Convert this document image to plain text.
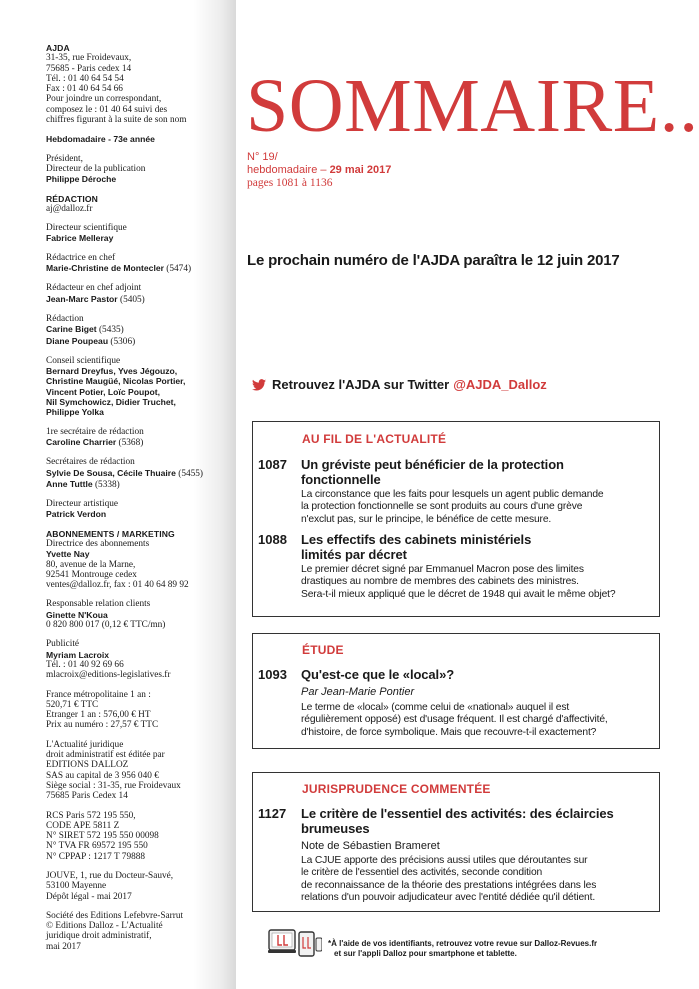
AJDA
31-35, rue Froidevaux,
75685 - Paris cedex 14
Tél. : 01 40 64 54 54
Fax : 01 40 64 54 66
Pour joindre un correspondant,
composez le : 01 40 64 suivi des
chiffres figurant à la suite de son nom
Hebdomadaire - 73e année
Président,
Directeur de la publication
Philippe Déroche
RÉDACTION
aj@dalloz.fr
Directeur scientifique
Fabrice Melleray
Rédactrice en chef
Marie-Christine de Montecler (5474)
Rédacteur en chef adjoint
Jean-Marc Pastor (5405)
Rédaction
Carine Biget (5435)
Diane Poupeau (5306)
Conseil scientifique
Bernard Dreyfus, Yves Jégouzo,
Christine Maugüé, Nicolas Portier,
Vincent Potier, Loïc Poupot,
Nil Symchowicz, Didier Truchet,
Philippe Yolka
1re secrétaire de rédaction
Caroline Charrier (5368)
Secrétaires de rédaction
Sylvie De Sousa, Cécile Thuaire (5455)
Anne Tuttle (5338)
Directeur artistique
Patrick Verdon
ABONNEMENTS / MARKETING
Directrice des abonnements
Yvette Nay
80, avenue de la Marne,
92541 Montrouge cedex
ventes@dalloz.fr, fax : 01 40 64 89 92
Responsable relation clients
Ginette N'Koua
0 820 800 017 (0,12 € TTC/mn)
Publicité
Myriam Lacroix
Tél. : 01 40 92 69 66
mlacroix@editions-legislatives.fr
France métropolitaine 1 an :
520,71 € TTC
Etranger 1 an : 576,00 € HT
Prix au numéro : 27,57 € TTC
L'Actualité juridique
droit administratif est éditée par
EDITIONS DALLOZ
SAS au capital de 3 956 040 €
Siège social : 31-35, rue Froidevaux
75685 Paris Cedex 14
RCS Paris 572 195 550,
CODE APE 5811 Z
N° SIRET 572 195 550 00098
N° TVA FR 69572 195 550
N° CPPAP : 1217 T 79888
JOUVE, 1, rue du Docteur-Sauvé,
53100 Mayenne
Dépôt légal - mai 2017
Société des Editions Lefebvre-Sarrut
© Editions Dalloz - L'Actualité
juridique droit administratif,
mai 2017
SOMMAIRE..
N° 19/
hebdomadaire – 29 mai 2017
pages 1081 à 1136
Le prochain numéro de l'AJDA paraîtra le 12 juin 2017
Retrouvez l'AJDA sur Twitter @AJDA_Dalloz
AU FIL DE L'ACTUALITÉ
1087 Un gréviste peut bénéficier de la protection
fonctionnelle
La circonstance que les faits pour lesquels un agent public demande
la protection fonctionnelle se sont produits au cours d'une grève
n'exclut pas, sur le principe, le bénéfice de cette mesure.
1088 Les effectifs des cabinets ministériels
limités par décret
Le premier décret signé par Emmanuel Macron pose des limites
drastiques au nombre de membres des cabinets des ministres.
Sera-t-il mieux appliqué que le décret de 1948 qui avait le même objet?
ÉTUDE
1093 Qu'est-ce que le «local»?
Par Jean-Marie Pontier
Le terme de «local» (comme celui de «national» auquel il est
régulièrement opposé) est d'usage fréquent. Il est chargé d'affectivité,
d'histoire, de force symbolique. Mais que recouvre-t-il exactement?
JURISPRUDENCE COMMENTÉE
1127 Le critère de l'essentiel des activités: des éclaircies
brumeuses
Note de Sébastien Brameret
La CJUE apporte des précisions aussi utiles que déroutantes sur
le critère de l'essentiel des activités, seconde condition
de reconnaissance de la théorie des prestations intégrées dans les
relations d'un pouvoir adjudicateur avec l'entité dédiée qu'il détient.
*À l'aide de vos identifiants, retrouvez votre revue sur Dalloz-Revues.fr
et sur l'appli Dalloz pour smartphone et tablette.
